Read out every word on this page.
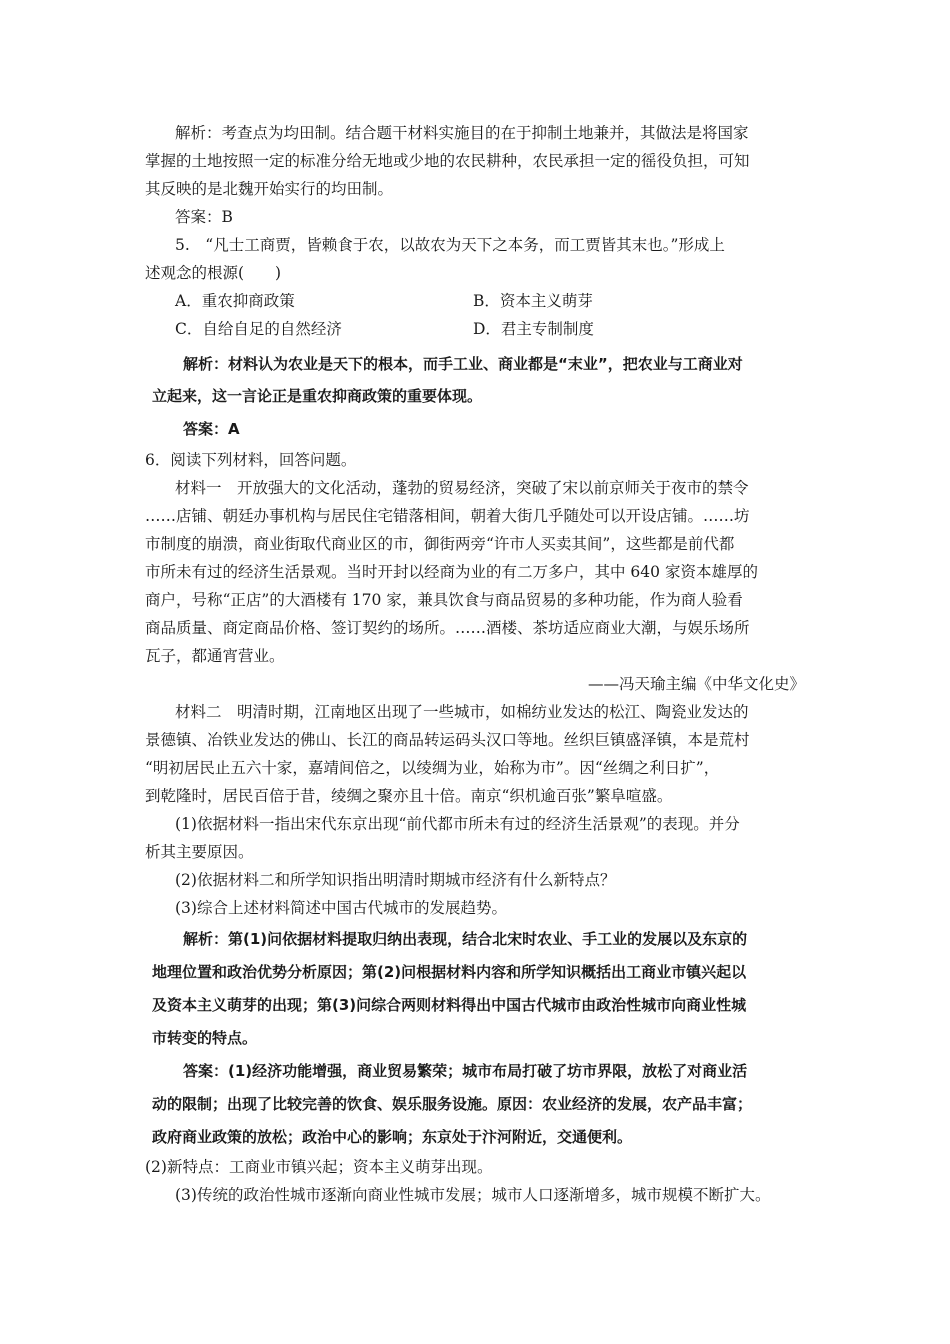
解析：考查点为均田制。结合题干材料实施目的在于抑制土地兼并，其做法是将国家
掌握的土地按照一定的标准分给无地或少地的农民耕种，农民承担一定的徭役负担，可知
其反映的是北魏开始实行的均田制。
答案：B
5.　“凡士工商贾，皆赖食于农，以故农为天下之本务，而工贾皆其末也。”形成上
述观念的根源(　　)
A．重农抑商政策	B．资本主义萌芽
C．自给自足的自然经济	D．君主专制制度
解析：材料认为农业是天下的根本，而手工业、商业都是“末业”，把农业与工商业对
立起来，这一言论正是重农抑商政策的重要体现。
答案：A
6．阅读下列材料，回答问题。
材料一　开放强大的文化活动，蓬勃的贸易经济，突破了宋以前京师关于夜市的禁令
……店铺、朝廷办事机构与居民住宅错落相间，朝着大街几乎随处可以开设店铺。……坊
市制度的崩溃，商业街取代商业区的市，御街两旁“许市人买卖其间”，这些都是前代都
市所未有过的经济生活景观。当时开封以经商为业的有二万多户，其中 640 家资本雄厚的
商户，号称“正店”的大酒楼有 170 家，兼具饮食与商品贸易的多种功能，作为商人验看
商品质量、商定商品价格、签订契约的场所。……酒楼、茶坊适应商业大潮，与娱乐场所
瓦子，都通宵营业。
——冯天瑜主编《中华文化史》
材料二　明清时期，江南地区出现了一些城市，如棉纺业发达的松江、陶瓷业发达的
景德镇、冶铁业发达的佛山、长江的商品转运码头汉口等地。丝织巨镇盛泽镇，本是荒村
“明初居民止五六十家，嘉靖间倍之，以绫绸为业，始称为市”。因“丝绸之利日扩”，
到乾隆时，居民百倍于昔，绫绸之聚亦且十倍。南京“织机逾百张”繁阜喧盛。
(1)依据材料一指出宋代东京出现“前代都市所未有过的经济生活景观”的表现。并分
析其主要原因。
(2)依据材料二和所学知识指出明清时期城市经济有什么新特点？
(3)综合上述材料简述中国古代城市的发展趋势。
解析：第(1)问依据材料提取归纳出表现，结合北宋时农业、手工业的发展以及东京的
地理位置和政治优势分析原因；第(2)问根据材料内容和所学知识概括出工商业市镇兴起以
及资本主义萌芽的出现；第(3)问综合两则材料得出中国古代城市由政治性城市向商业性城
市转变的特点。
答案：(1)经济功能增强，商业贸易繁荣；城市布局打破了坊市界限，放松了对商业活
动的限制；出现了比较完善的饮食、娱乐服务设施。原因：农业经济的发展，农产品丰富；
政府商业政策的放松；政治中心的影响；东京处于汴河附近，交通便利。
(2)新特点：工商业市镇兴起；资本主义萌芽出现。
(3)传统的政治性城市逐渐向商业性城市发展；城市人口逐渐增多，城市规模不断扩大。
